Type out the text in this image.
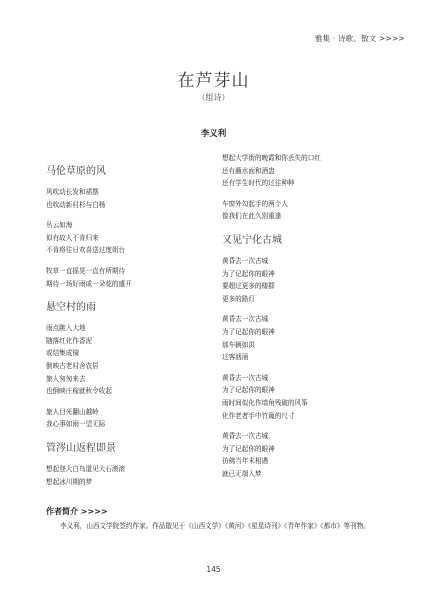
雅集 · 诗歌、散文 >>>>
在芦芽山
（组诗）
李义利
马伦草原的风
风吹动长发和裙摆
也吹动新村杉与白杨
丛云如海
似有故人不肯归来
不肯将往日欢喜送过度姐台
牧草一直摇晃一直有所期待
期待一场好雨或一朵花的盛开
悬空村的雨
雨点跳入大地
随落红化作香泥
或结集成镜
倒映古老村舍农居
旅人匆匆来去
也倒映庄稼就秋令收起
旅人目光翻山越岭
我心事如雨一望无际
管涔山返程即景
想起登大白鸟道见大石滚滚
想起冰川期的梦
想起大学街的晚霞和你丢失的口红
还有蘸水面和酒盅
还有学生时代的过往种种
车窗外勾起手的两个人
像我们在此久别重逢
又见宁化古城
黄昏去一次古城
为了记起你的眼神
要超过更多的楼群
更多的路灯
黄昏去一次古城
为了记起你的眼神
那车辆如洪
过客汹涌
黄昏去一次古城
为了记起你的眼神
雨时间似化作墙角残破的风筝
化作老者手中竹篾的尺寸
黄昏去一次古城
为了记起你的眼神
彷佛当年未相遇
就已无端入梦
作者简介 >>>>
李义利，山西文学院签约作家。作品散见于《山西文学》《黄河》《星星诗刊》《青年作家》《都市》等刊物。
145
